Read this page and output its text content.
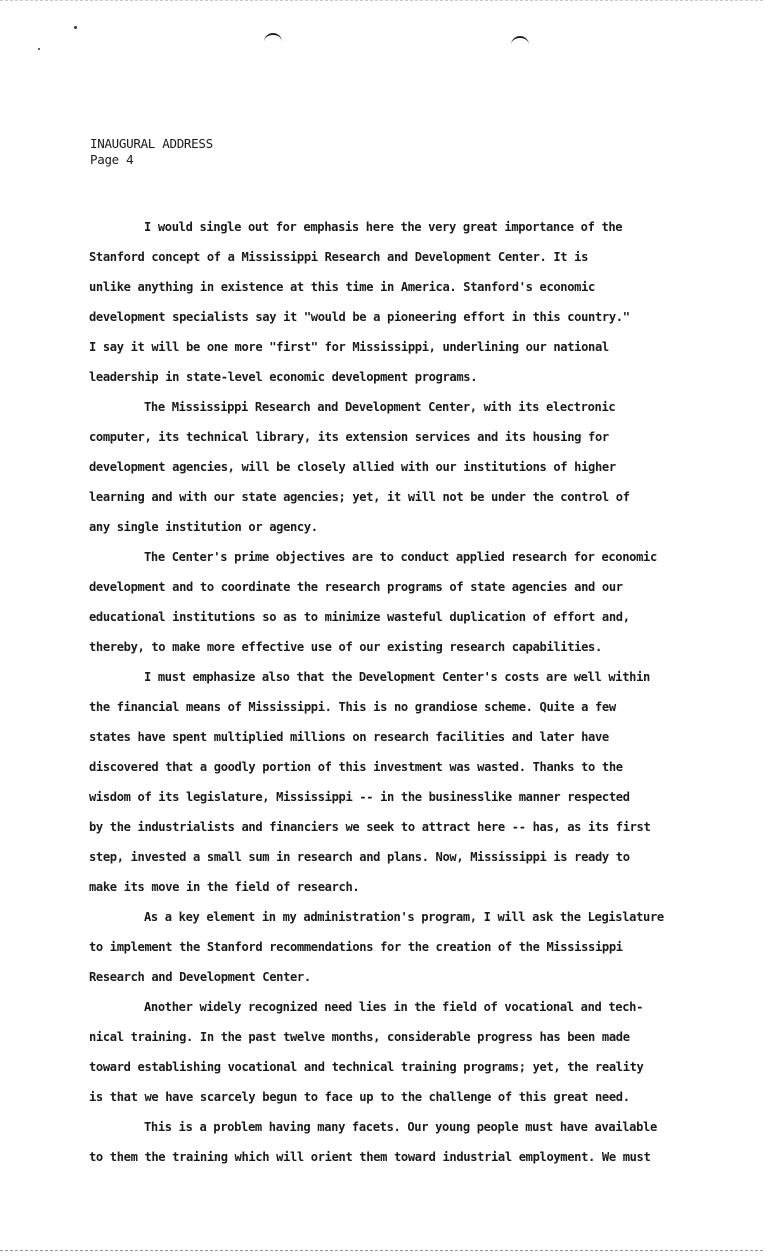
INAUGURAL ADDRESS
Page 4
I would single out for emphasis here the very great importance of the
Stanford concept of a Mississippi Research and Development Center. It is
unlike anything in existence at this time in America. Stanford's economic
development specialists say it "would be a pioneering effort in this country."
I say it will be one more "first" for Mississippi, underlining our national
leadership in state-level economic development programs.
The Mississippi Research and Development Center, with its electronic
computer, its technical library, its extension services and its housing for
development agencies, will be closely allied with our institutions of higher
learning and with our state agencies; yet, it will not be under the control of
any single institution or agency.
The Center's prime objectives are to conduct applied research for economic
development and to coordinate the research programs of state agencies and our
educational institutions so as to minimize wasteful duplication of effort and,
thereby, to make more effective use of our existing research capabilities.
I must emphasize also that the Development Center's costs are well within
the financial means of Mississippi. This is no grandiose scheme. Quite a few
states have spent multiplied millions on research facilities and later have
discovered that a goodly portion of this investment was wasted. Thanks to the
wisdom of its legislature, Mississippi -- in the businesslike manner respected
by the industrialists and financiers we seek to attract here -- has, as its first
step, invested a small sum in research and plans. Now, Mississippi is ready to
make its move in the field of research.
As a key element in my administration's program, I will ask the Legislature
to implement the Stanford recommendations for the creation of the Mississippi
Research and Development Center.
Another widely recognized need lies in the field of vocational and tech-
nical training. In the past twelve months, considerable progress has been made
toward establishing vocational and technical training programs; yet, the reality
is that we have scarcely begun to face up to the challenge of this great need.
This is a problem having many facets. Our young people must have available
to them the training which will orient them toward industrial employment. We must
